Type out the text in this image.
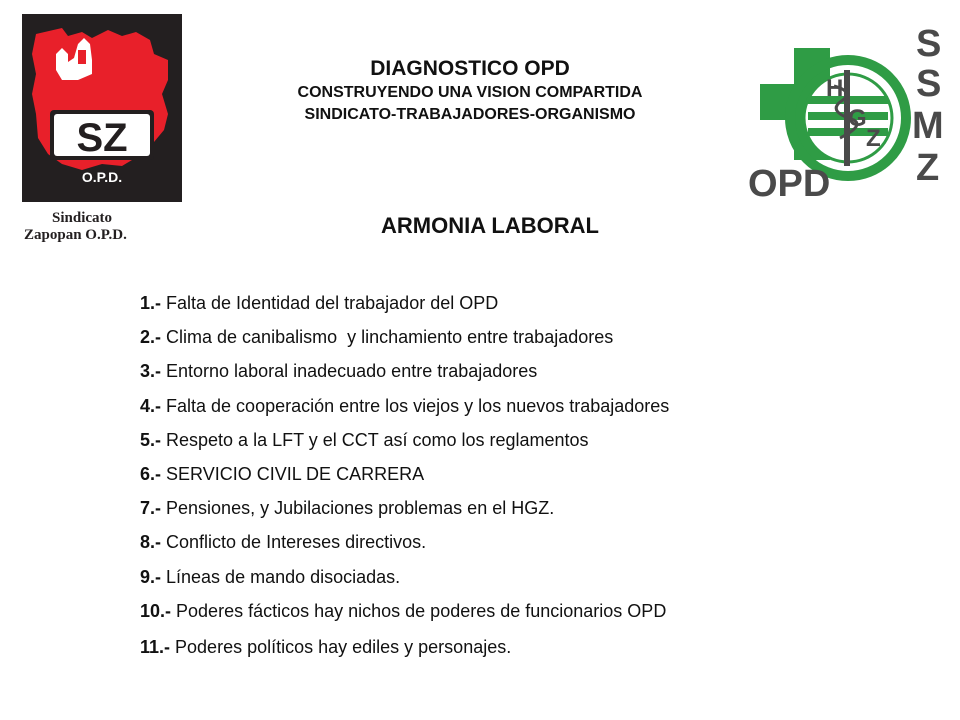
SZ
O.P.D.
Sindicato
Zapopan O.P.D.
DIAGNOSTICO OPD
CONSTRUYENDO UNA VISION COMPARTIDA
SINDICATO-TRABAJADORES-ORGANISMO
H
G
Z
S
S
M
Z
OPD
ARMONIA LABORAL
1.- Falta de Identidad del trabajador del OPD
2.- Clima de canibalismo  y linchamiento entre trabajadores
3.- Entorno laboral inadecuado entre trabajadores
4.- Falta de cooperación entre los viejos y los nuevos trabajadores
5.- Respeto a la LFT y el CCT así como los reglamentos
6.- SERVICIO CIVIL DE CARRERA
7.- Pensiones, y Jubilaciones problemas en el HGZ.
8.- Conflicto de Intereses directivos.
9.- Líneas de mando disociadas.
10.- Poderes fácticos hay nichos de poderes de funcionarios OPD
11.- Poderes políticos hay ediles y personajes.
